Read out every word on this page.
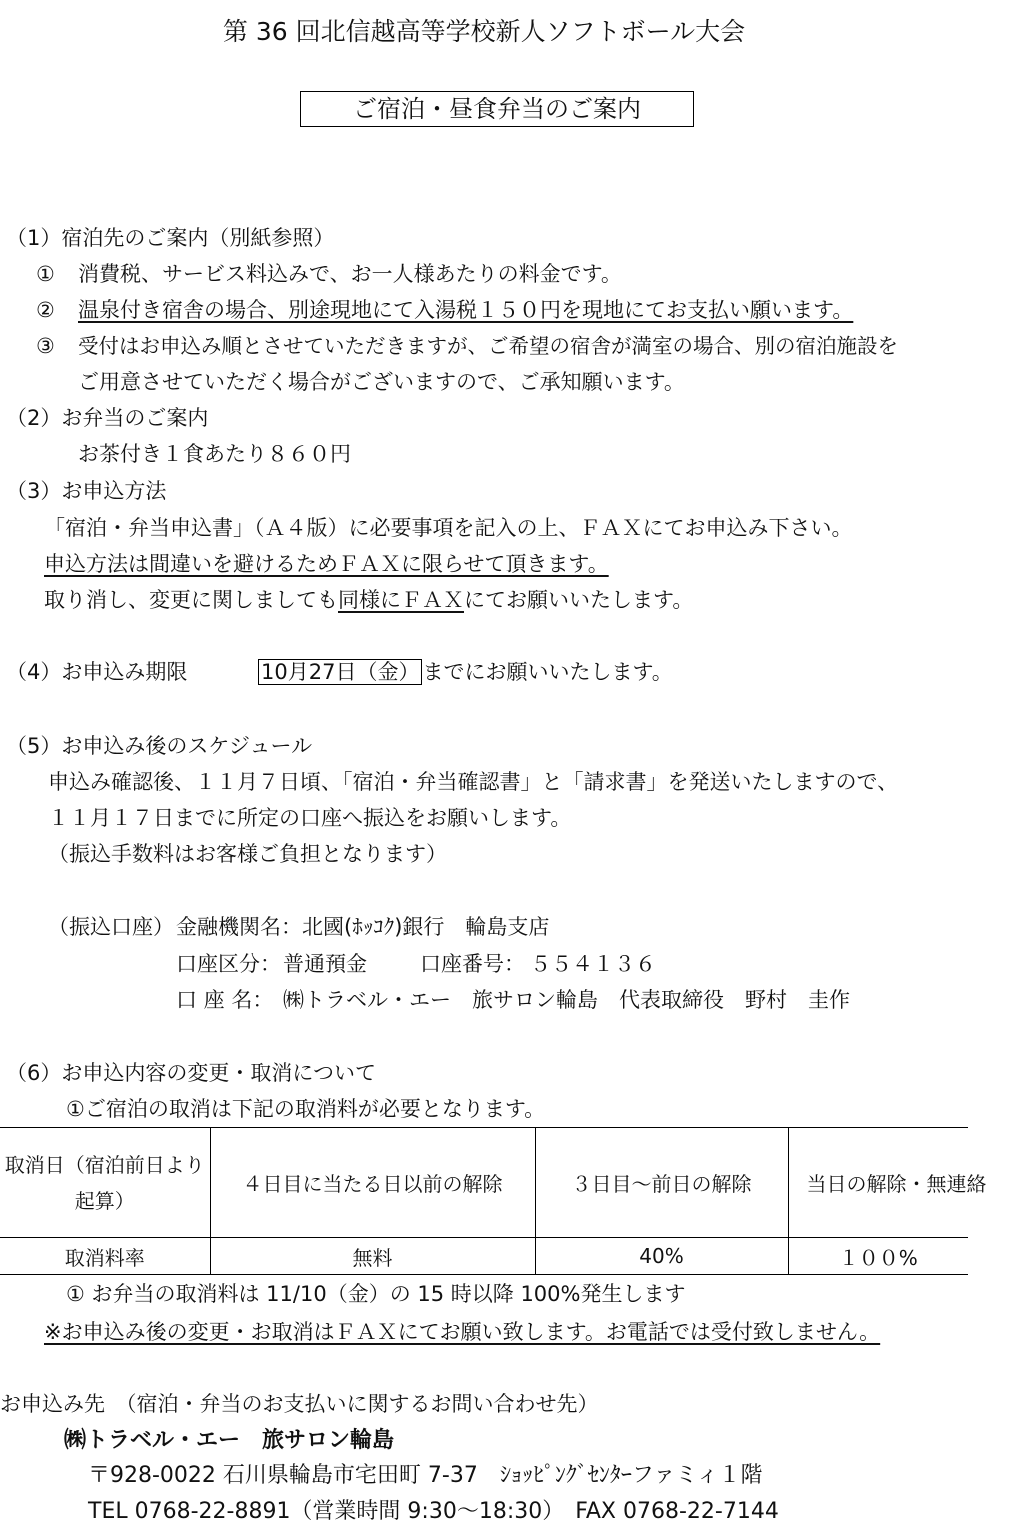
第 36 回北信越高等学校新人ソフトボール大会
ご宿泊・昼食弁当のご案内
（1）宿泊先のご案内（別紙参照）
① 消費税、サービス料込みで、お一人様あたりの料金です。
② 温泉付き宿舎の場合、別途現地にて入湯税１５０円を現地にてお支払い願います。
③ 受付はお申込み順とさせていただきますが、ご希望の宿舎が満室の場合、別の宿泊施設を
ご用意させていただく場合がございますので、ご承知願います。
（2）お弁当のご案内
お茶付き１食あたり８６０円
（3）お申込方法
「宿泊・弁当申込書」（Ａ４版）に必要事項を記入の上、ＦＡＸにてお申込み下さい。
申込方法は間違いを避けるためＦＡＸに限らせて頂きます。
取り消し、変更に関しましても同様にＦＡＸにてお願いいたします。
（4）お申込み期限	10月27日（金） までにお願いいたします。
（5）お申込み後のスケジュール
申込み確認後、１１月７日頃、「宿泊・弁当確認書」と「請求書」を発送いたしますので、
１１月１７日までに所定の口座へ振込をお願いします。
（振込手数料はお客様ご負担となります）
（振込口座） 金融機関名： 北國(ﾎｯｺｸ)銀行　輪島支店
口座区分： 普通預金	口座番号： ５５４１３６
口 座 名： ㈱トラベル・エー　旅サロン輪島　代表取締役　野村　圭作
（6）お申込内容の変更・取消について
①ご宿泊の取消は下記の取消料が必要となります。
取消日（宿泊前日より起算）	４日目に当たる日以前の解除	３日目～前日の解除	当日の解除・無連絡
取消料率	無料	40%	１００%
① お弁当の取消料は 11/10（金）の 15 時以降 100%発生します
※お申込み後の変更・お取消はＦＡＸにてお願い致します。お電話では受付致しません。
お申込み先　（宿泊・弁当のお支払いに関するお問い合わせ先）
㈱トラベル・エー　旅サロン輪島
〒928-0022 石川県輪島市宅田町 7-37　ｼｮｯﾋﾟﾝｸﾞｾﾝﾀｰファミィ１階
TEL 0768-22-8891（営業時間 9:30～18:30）　FAX 0768-22-7144
